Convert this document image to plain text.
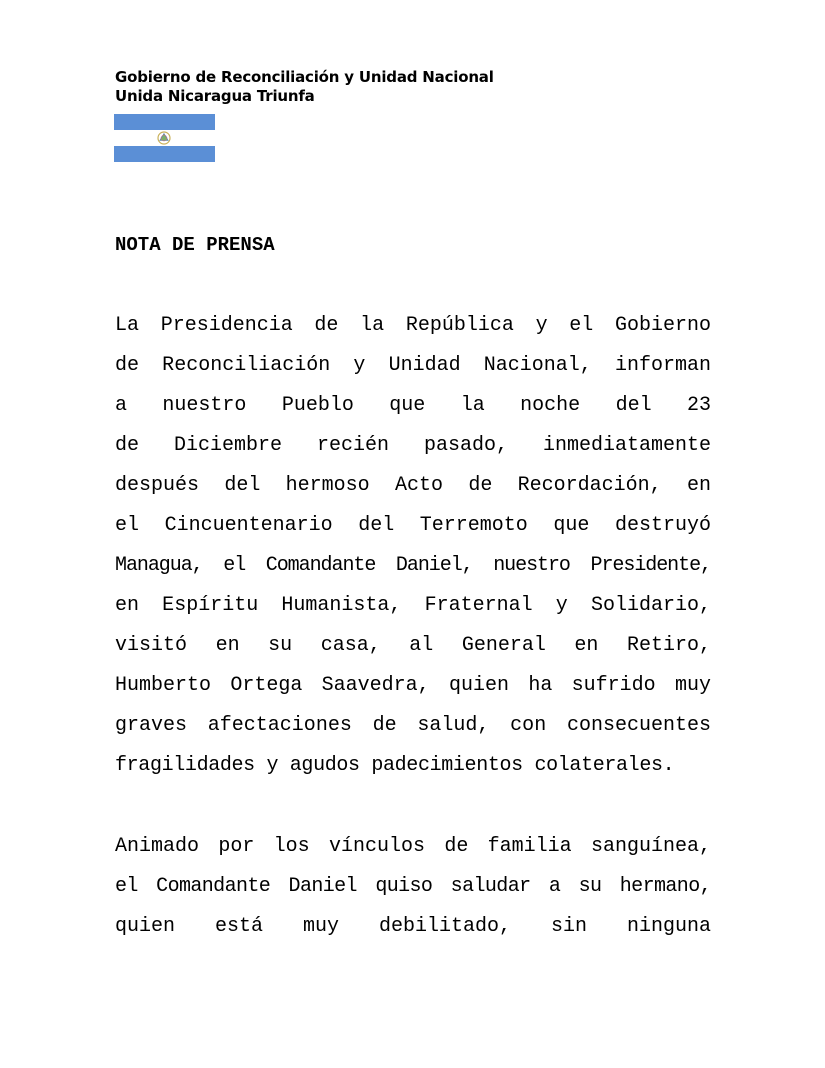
Gobierno de Reconciliación y Unidad Nacional
Unida Nicaragua Triunfa
NOTA DE PRENSA
La Presidencia de la República y el Gobierno
de Reconciliación y Unidad Nacional, informan
a nuestro Pueblo que la noche del 23
de Diciembre recién pasado, inmediatamente
después del hermoso Acto de Recordación, en
el Cincuentenario del Terremoto que destruyó
Managua, el Comandante Daniel, nuestro Presidente,
en Espíritu Humanista, Fraternal y Solidario,
visitó en su casa, al General en Retiro,
Humberto Ortega Saavedra, quien ha sufrido muy
graves afectaciones de salud, con consecuentes
fragilidades y agudos padecimientos colaterales.
Animado por los vínculos de familia sanguínea,
el Comandante Daniel quiso saludar a su hermano,
quien está muy debilitado, sin ninguna
